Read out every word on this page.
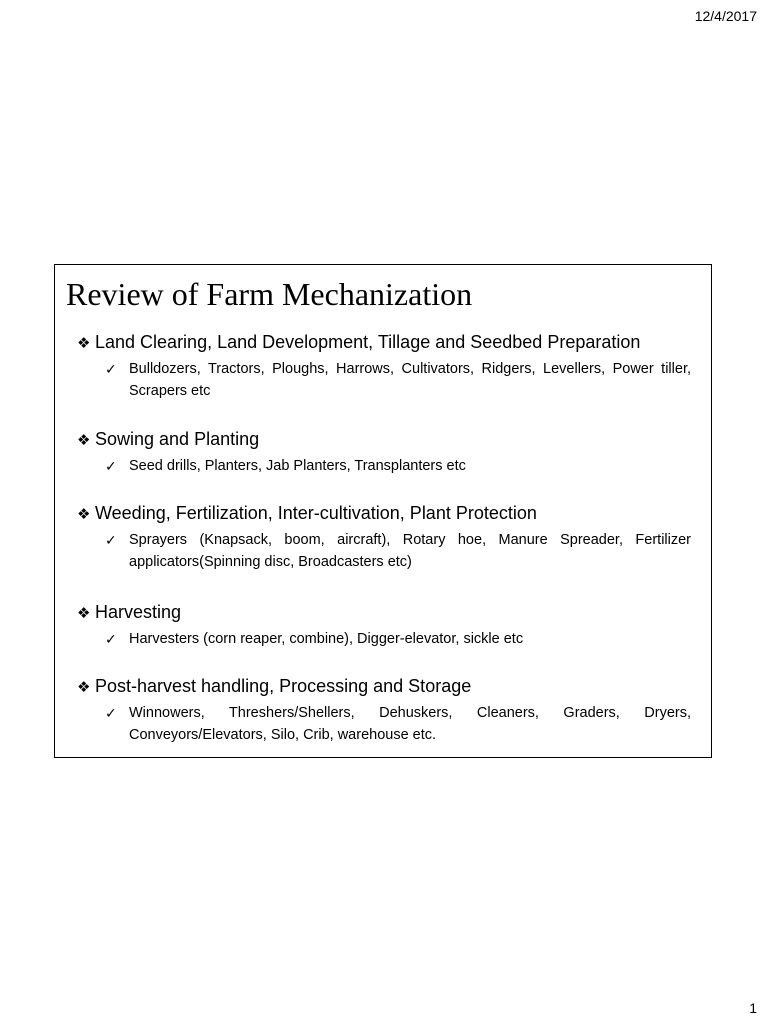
12/4/2017
Review of Farm Mechanization
❖ Land Clearing, Land Development, Tillage and Seedbed Preparation
✓ Bulldozers, Tractors, Ploughs, Harrows, Cultivators, Ridgers, Levellers, Power tiller, Scrapers etc
❖ Sowing and Planting
✓ Seed drills, Planters, Jab Planters, Transplanters etc
❖ Weeding, Fertilization, Inter-cultivation, Plant Protection
✓ Sprayers (Knapsack, boom, aircraft), Rotary hoe, Manure Spreader, Fertilizer applicators(Spinning disc, Broadcasters etc)
❖ Harvesting
✓ Harvesters (corn reaper, combine), Digger-elevator, sickle etc
❖ Post-harvest handling, Processing and Storage
✓ Winnowers, Threshers/Shellers, Dehuskers, Cleaners, Graders, Dryers, Conveyors/Elevators, Silo, Crib, warehouse etc.
1
